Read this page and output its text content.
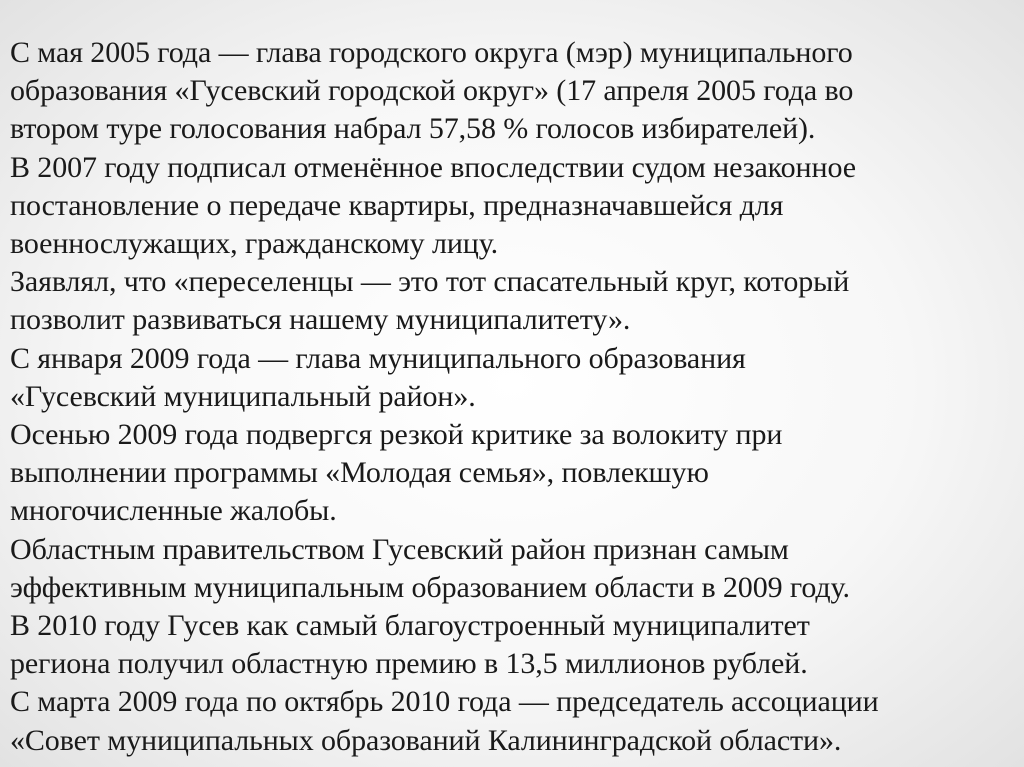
С мая 2005 года — глава городского округа (мэр) муниципального
образования «Гусевский городской округ» (17 апреля 2005 года во
втором туре голосования набрал 57,58 % голосов избирателей).
В 2007 году подписал отменённое впоследствии судом незаконное
постановление о передаче квартиры, предназначавшейся для
военнослужащих, гражданскому лицу.
Заявлял, что «переселенцы — это тот спасательный круг, который
позволит развиваться нашему муниципалитету».
С января 2009 года — глава муниципального образования
«Гусевский муниципальный район».
Осенью 2009 года подвергся резкой критике за волокиту при
выполнении программы «Молодая семья», повлекшую
многочисленные жалобы.
Областным правительством Гусевский район признан самым
эффективным муниципальным образованием области в 2009 году.
В 2010 году Гусев как самый благоустроенный муниципалитет
региона получил областную премию в 13,5 миллионов рублей.
С марта 2009 года по октябрь 2010 года — председатель ассоциации
«Совет муниципальных образований Калининградской области».
